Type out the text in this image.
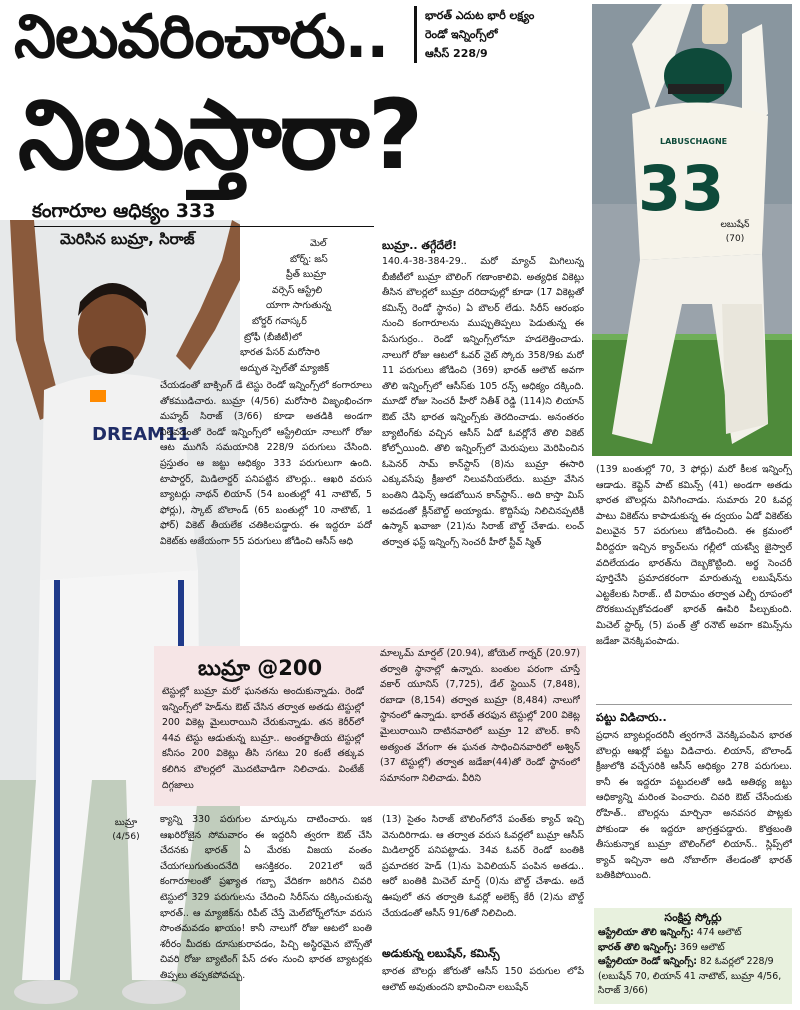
నిలువరించారు..	భారత్ ఎదుట భారీ లక్ష్యం
రెండో ఇన్నింగ్స్‌లో
ఆసీస్ 228/9
నిలుస్తారా?
DREAM11
బుమ్రా
(4/56)
కంగారూల ఆధిక్యం 333
మెరిసిన బుమ్రా, సిరాజ్
LABUSCHAGNE
33
లబుషేన్
(70)

మెల్

బోర్న్: జస్

ప్రీత్ బుమ్రా

వర్సెస్ ఆస్ట్రేలి

యాగా సాగుతున్న

బోర్డర్ గవాస్కర్

ట్రోఫీ (బీజీటీ)లో

భారత పేసర్ మరోసారి

అద్భుత స్పెల్‌తో మ్యాజిక్

చేయడంతో బాక్సింగ్ డే టెస్టు రెండో ఇన్నింగ్స్‌లో కంగారూలు తోకముడిచారు. బుమ్రా (4/56) మరోసారి విజృంభించగా మహ్మద్ సిరాజ్ (3/66) కూడా అతడికి అండగా నిలవడంతో రెండో ఇన్నింగ్స్‌లో ఆస్ట్రేలియా నాలుగో రోజు ఆట ముగిసే సమయానికి 228/9 పరుగులు చేసింది. ప్రస్తుతం ఆ జట్టు ఆధిక్యం 333 పరుగులుగా ఉంది. టాపార్డర్, మిడిలార్డర్ పనిపట్టిన బౌలర్లు.. ఆఖరి వరుస బ్యాటర్లు నాథన్ లియాన్ (54 బంతుల్లో 41 నాటౌట్, 5 ఫోర్లు), స్కాట్ బొలాండ్ (65 బంతుల్లో 10 నాటౌట్, 1 ఫోర్) వికెట్ తీయలేక చతికిలపడ్డారు. ఈ ఇద్దరూ పదో వికెట్‌కు అజేయంగా 55 పరుగులు జోడించి ఆసీస్ ఆధి

బుమ్రా.. తగ్గేదేలే!

140.4-38-384-29.. మరో మ్యాచ్ మిగిలున్న బీజీటీలో బుమ్రా బౌలింగ్ గణాంకాలివి. అత్యధిక వికెట్లు తీసిన బౌలర్లలో బుమ్రా దరిదాపుల్లో కూడా (17 వికెట్లతో కమిన్స్ రెండో స్థానం) ఏ బౌలర్ లేడు. సిరీస్ ఆరంభం నుంచి కంగారూలను ముప్పుతిప్పలు పెడుతున్న ఈ పేసుగుర్రం.. రెండో ఇన్నింగ్స్‌లోనూ హడలెత్తించాడు. నాలుగో రోజు ఆటలో ఓవర్ నైట్ స్కోరు 358/9కు మరో 11 పరుగులు జోడించి (369) భారత్ ఆలౌట్ అవగా తొలి ఇన్నింగ్స్‌లో ఆసీస్‌కు 105 రన్స్ ఆధిక్యం దక్కింది. మూడో రోజు సెంచరీ హీరో నితీశ్ రెడ్డి (114)ని లియాన్ ఔట్ చేసి భారత ఇన్నింగ్స్‌కు తెరదించాడు. అనంతరం బ్యాటింగ్‌కు వచ్చిన ఆసీస్ ఏడో ఓవర్లోనే తొలి వికెట్ కోల్పోయింది. తొలి ఇన్నింగ్స్‌లో మెరుపులు మెరిపించిన ఓపెనర్ సామ్ కాన్‌స్టాస్ (8)ను బుమ్రా ఈసారి ఎక్కువసేపు క్రీజులో నిలువనీయలేదు. బుమ్రా వేసిన బంతిని డిఫెన్స్ ఆడబోయిన కాన్‌స్టాస్.. అది కాస్తా మిస్ అవడంతో క్లీన్‌బౌల్డ్ అయ్యాడు. కొద్దిసేపు నిలిచినప్పటికీ ఉస్మాన్ ఖవాజా (21)ను సిరాజ్ బౌల్డ్ చేశాడు. లంచ్ తర్వాత ఫస్ట్ ఇన్నింగ్స్ సెంచరీ హీరో స్టీవ్ స్మిత్

(139 బంతుల్లో 70, 3 ఫోర్లు) మరో కీలక ఇన్నింగ్స్ ఆడాడు. కెప్టెన్ పాట్ కమిన్స్ (41) అండగా అతడు భారత బౌలర్లను విసిగించాడు. సుమారు 20 ఓవర్ల పాటు వికెట్‌ను కాపాడుకున్న ఈ ద్వయం ఏడో వికెట్‌కు విలువైన 57 పరుగులు జోడించింది. ఈ క్రమంలో వీరిద్దరూ ఇచ్చిన క్యాచ్‌లను గల్లీలో యశస్వీ జైస్వాల్ వదిలేయడం భారత్‌ను దెబ్బకొట్టింది. అర్థ సెంచరీ పూర్తిచేసి ప్రమాదకరంగా మారుతున్న లబుషేన్‌ను ఎట్టకేలకు సిరాజ్.. టీ విరామం తర్వాత ఎల్బీ రూపంలో దొరకబుచ్చుకోవడంతో భారత్ ఊపిరి పీల్చుకుంది. మిచెల్ స్టార్క్ (5) పంత్ త్రో రనౌట్ అవగా కమిన్స్‌ను జడేజా వెనక్కిపంపాడు.

పట్టు విడిచారు..

ప్రధాన బ్యాటర్లందరినీ త్వరగానే వెనక్కిపంపిన భారత బౌలర్లు ఆఖర్లో పట్టు విడిచారు. లియాన్, బొలాండ్ క్రీజులోకి వచ్చేసరికి ఆసీస్ ఆధిక్యం 278 పరుగులు. కానీ ఈ ఇద్దరూ పట్టుదలతో ఆడి ఆతిథ్య జట్టు ఆధిక్యాన్ని మరింత పెంచారు. చివరి ఔట్ చేసేందుకు రోహిత్.. బౌలర్లను మార్చినా అనవసర పొట్లకు పోకుండా ఈ ఇద్దరూ జాగ్రత్తపడ్డారు. కొత్తబంతి తీసుకున్నాక బుమ్రా బౌలింగ్‌లో లియాన్.. స్లిప్స్‌లో క్యాచ్ ఇచ్చినా అది నోబాల్‌గా తేలడంతో భారత్ బతికిపోయింది.

బుమ్రా @200

టెస్టుల్లో బుమ్రా మరో ఘనతను అందుకున్నాడు. రెండో ఇన్నింగ్స్‌లో హెడ్‌ను ఔట్ చేసిన తర్వాత అతడు టెస్టుల్లో 200 వికెట్ల మైలురాయిని చేరుకున్నాడు. తన కెరీర్‌లో 44వ టెస్టు ఆడుతున్న బుమ్రా.. అంతర్జాతీయ టెస్టుల్లో కనీసం 200 వికెట్లు తీసి సగటు 20 కంటే తక్కువ కలిగిన బౌలర్లలో మొదటివాడిగా నిలిచాడు. వింటేజ్ దిగ్గజాలు

మాల్కమ్ మార్షల్ (20.94), జోయెల్ గార్నర్ (20.97) తర్వాతి స్థానాల్లో ఉన్నారు. బంతుల పరంగా చూస్తే వకార్ యూనిస్ (7,725), డేల్ స్టెయిన్ (7,848), రబాడా (8,154) తర్వాత బుమ్రా (8,484) నాలుగో స్థానంలో ఉన్నాడు. భారత్ తరఫున టెస్టుల్లో 200 వికెట్ల మైలురాయిని దాటినవారిలో బుమ్రా 12 బౌలర్. కానీ అత్యంత వేగంగా ఈ ఘనత సాధించినవారిలో అశ్విన్ (37 టెస్టుల్లో) తర్వాత జడేజా(44)తో రెండో స్థానంలో సమానంగా నిలిచాడు. వీరిని

క్యాన్ని 330 పరుగుల మార్కును దాటించారు. ఇక ఆఖరిరోజైన సోమవారం ఈ ఇద్దరినీ త్వరగా ఔట్ చేసి చేదనకు భారత్ ఏ మేరకు విజయ వంతం చేయగలుగుతుందనేది ఆసక్తికరం. 2021లో ఇదే కంగారూలంతో ప్రఖ్యాత గబ్బా వేదికగా జరిగిన చివరి టెస్టులో 329 పరుగులను చేదించి సిరీస్‌ను దక్కించుకున్న భారత్.. ఆ మ్యాజిక్‌ను రిపీట్ చేస్తే మెల్‌బోర్న్‌లోనూ వరుస సొంతమవడం ఖాయం! కానీ నాలుగో రోజు ఆటలో బంతి శరీరం మీదకు దూసుకురావడం, పిచ్చి అస్థిరమైన బౌన్స్‌తో చివరి రోజు బ్యాటింగ్ పేస్ దళం నుంచి భారత బ్యాటర్లకు తిప్పలు తప్పకపోవచ్చు.

(13) సైతం సిరాజ్ బౌలింగ్‌లోనే పంత్‌కు క్యాచ్ ఇచ్చి వెనుదిరిగాడు. ఆ తర్వాత వరుస ఓవర్లలో బుమ్రా ఆసీస్ మిడిలార్డర్ పనిపట్టాడు. 34వ ఓవర్ రెండో బంతికి ప్రమాదకర హెడ్ (1)ను పెవిలియన్ పంపిన అతడు.. ఆరో బంతికి మిచెల్ మార్ష్ (0)ను బౌల్డ్ చేశాడు. అదే ఊపులో తన తర్వాతి ఓవర్లో అలెక్స్ కేరీ (2)ను బౌల్డ్ చేయడంతో ఆసీస్ 91/6తో నిలిచింది.

అడుకున్న లబుషేన్, కమిన్స్

భారత బౌలర్లు జోరుతో ఆసీస్ 150 పరుగుల లోపే ఆలౌట్ అవుతుందని భావించినా లబుషేన్

సంక్షిప్త స్కోర్లు
ఆస్ట్రేలియా తొలి ఇన్నింగ్స్: 474 ఆలౌట్
భారత్ తొలి ఇన్నింగ్స్: 369 ఆలౌట్
ఆస్ట్రేలియా రెండో ఇన్నింగ్స్: 82 ఓవర్లలో 228/9 (లబుషేన్ 70, లియాన్ 41 నాటౌట్, బుమ్రా 4/56, సిరాజ్ 3/66)
